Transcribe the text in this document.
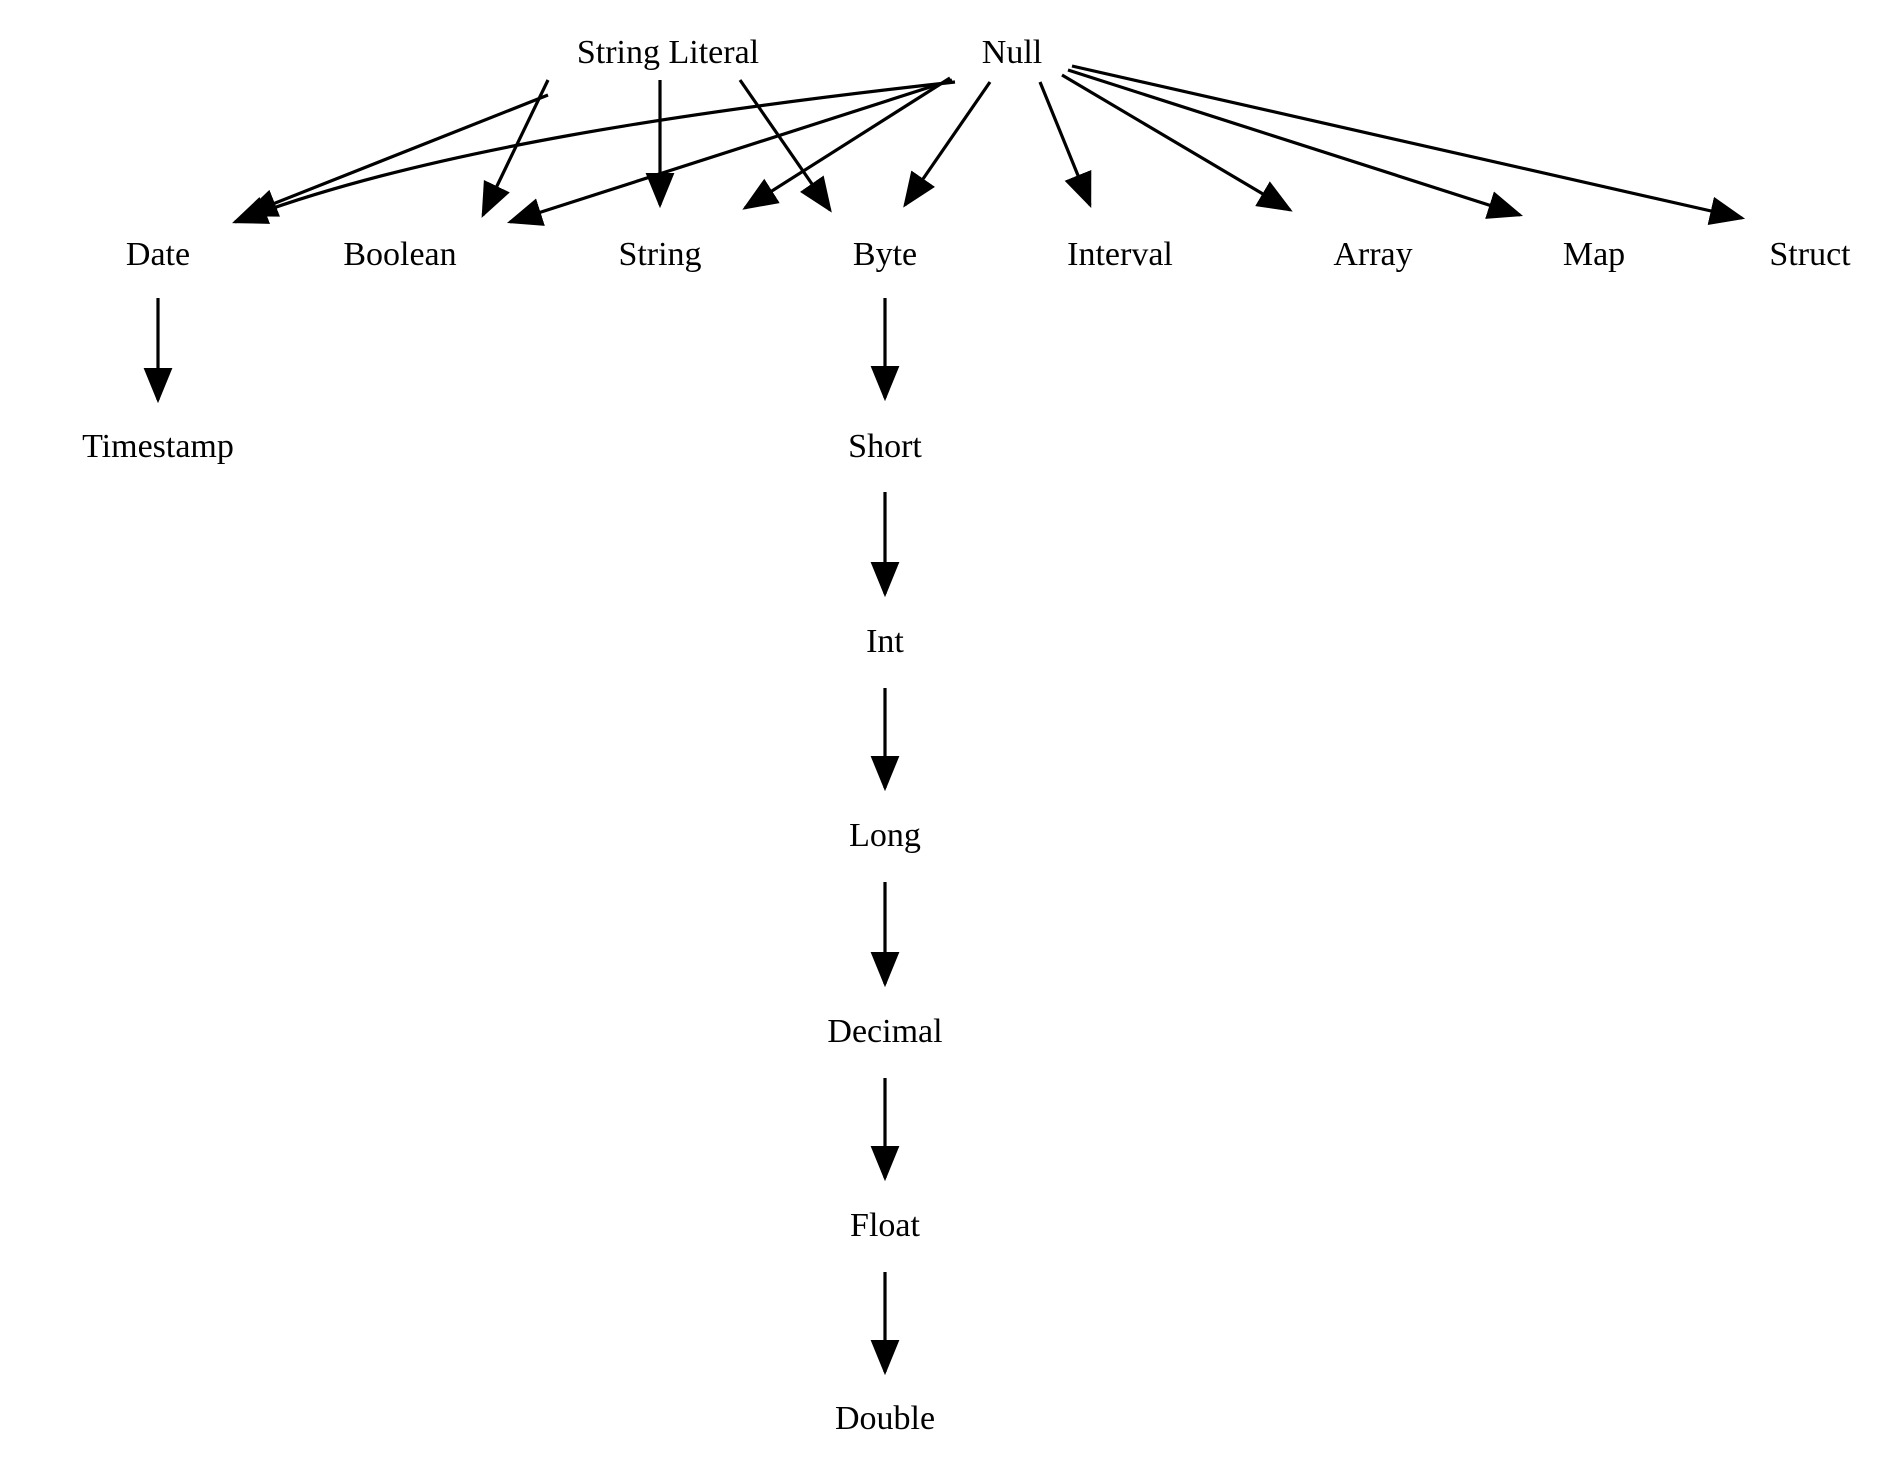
String Literal	Null
Date	Boolean	String	Byte	Interval	Array	Map	Struct
Timestamp	Short
Int
Long
Decimal
Float
Double
